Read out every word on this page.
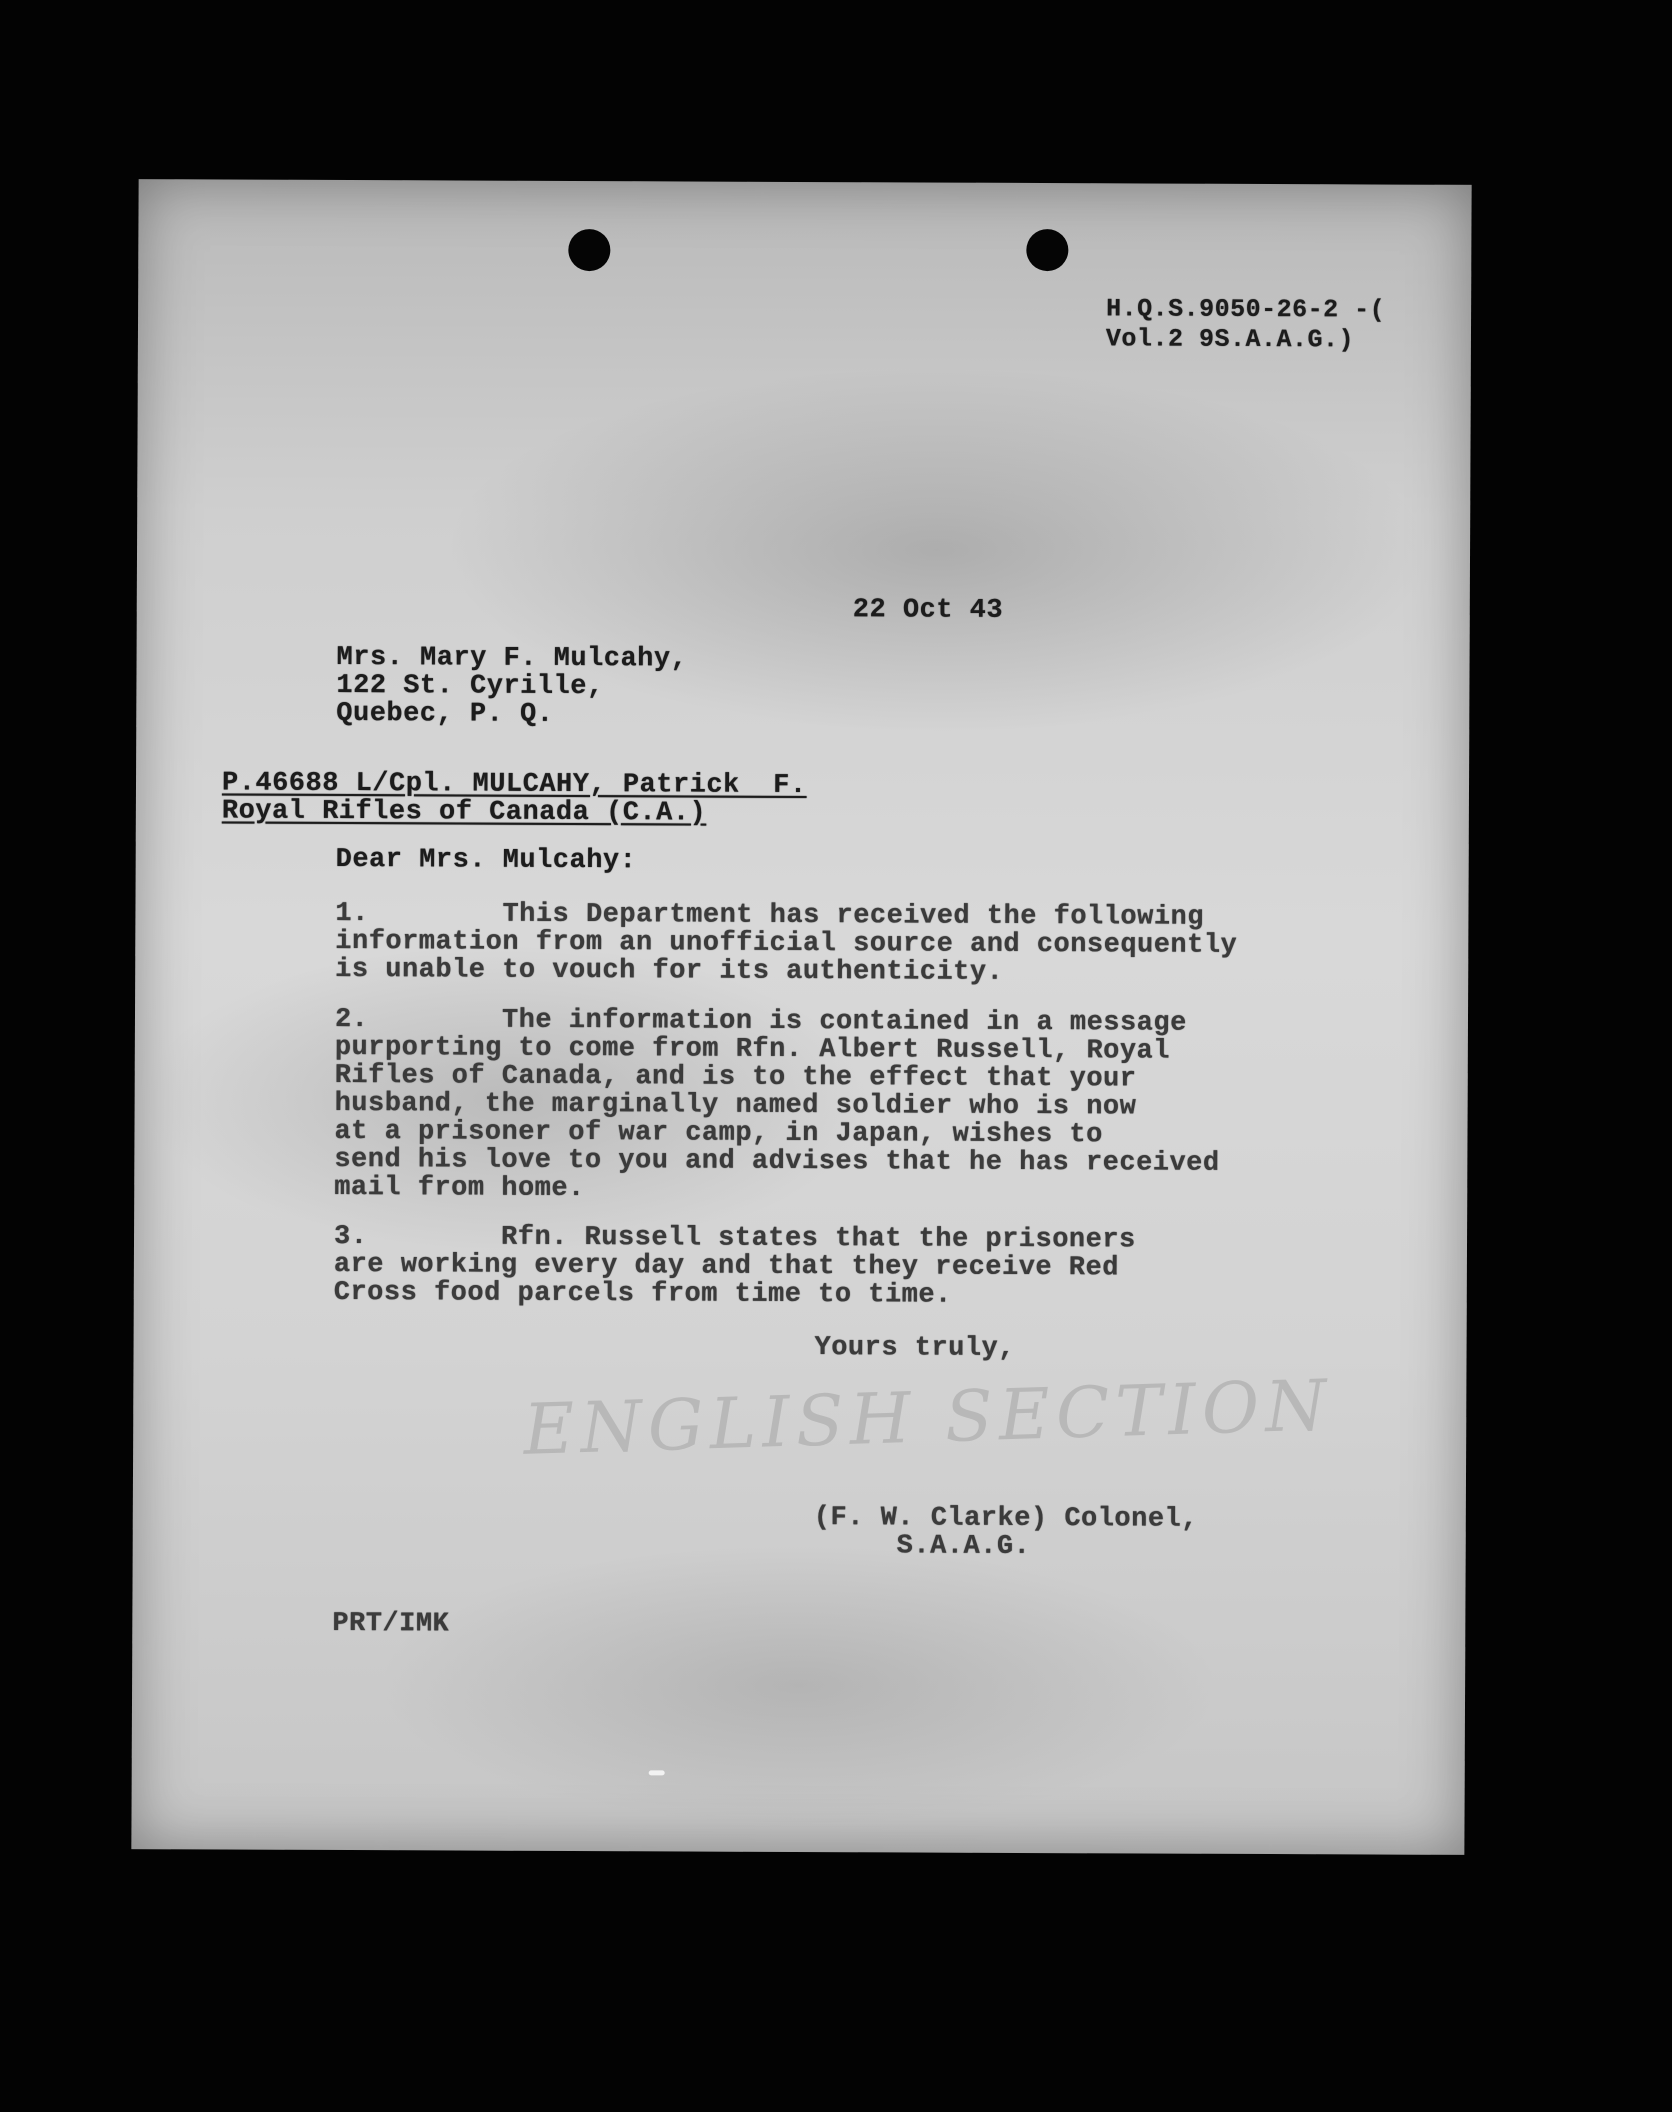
ENGLISH SECTION
H.Q.S.9050-26-2 -(
Vol.2 9S.A.A.G.)
22 Oct 43
Mrs. Mary F. Mulcahy,
122 St. Cyrille,
Quebec, P. Q.
P.46688 L/Cpl. MULCAHY, Patrick  F.
Royal Rifles of Canada (C.A.)
Dear Mrs. Mulcahy:
1.        This Department has received the following
information from an unofficial source and consequently
is unable to vouch for its authenticity.
2.        The information is contained in a message
purporting to come from Rfn. Albert Russell, Royal
Rifles of Canada, and is to the effect that your
husband, the marginally named soldier who is now
at a prisoner of war camp, in Japan, wishes to
send his love to you and advises that he has received
mail from home.
3.        Rfn. Russell states that the prisoners
are working every day and that they receive Red
Cross food parcels from time to time.
Yours truly,
(F. W. Clarke) Colonel,
S.A.A.G.
PRT/IMK
